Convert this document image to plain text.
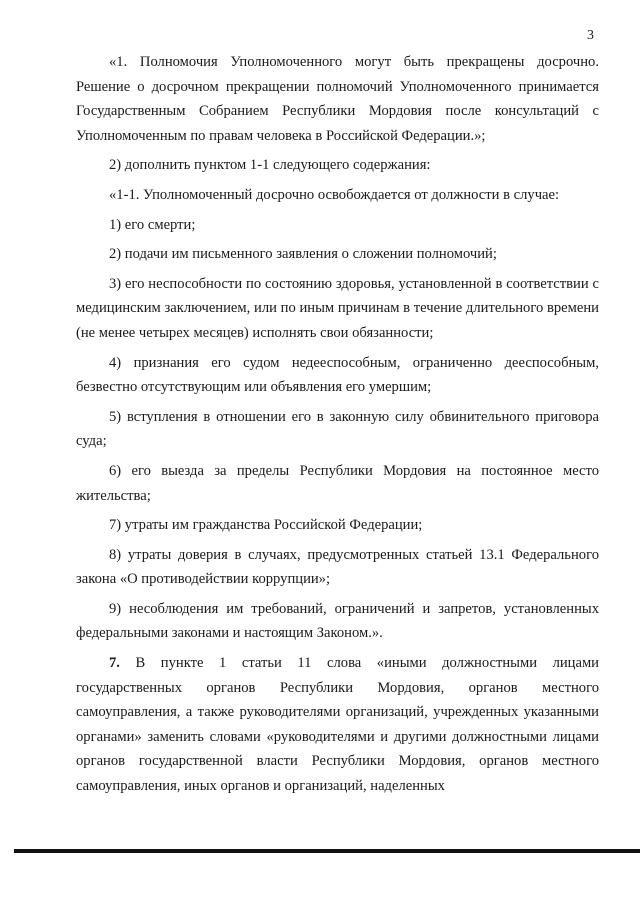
3

«1. Полномочия Уполномоченного могут быть прекращены досрочно. Решение о досрочном прекращении полномочий Уполномоченного принимается Государственным Собранием Республики Мордовия после консультаций с Уполномоченным по правам человека в Российской Федерации.»;

2) дополнить пунктом 1-1 следующего содержания:

«1-1. Уполномоченный досрочно освобождается от должности в случае:

1) его смерти;

2) подачи им письменного заявления о сложении полномочий;

3) его неспособности по состоянию здоровья, установленной в соответствии с медицинским заключением, или по иным причинам в течение длительного времени (не менее четырех месяцев) исполнять свои обязанности;

4) признания его судом недееспособным, ограниченно дееспособным, безвестно отсутствующим или объявления его умершим;

5) вступления в отношении его в законную силу обвинительного приговора суда;

6) его выезда за пределы Республики Мордовия на постоянное место жительства;

7) утраты им гражданства Российской Федерации;

8) утраты доверия в случаях, предусмотренных статьей 13.1 Федерального закона «О противодействии коррупции»;

9) несоблюдения им требований, ограничений и запретов, установленных федеральными законами и настоящим Законом.».

7. В пункте 1 статьи 11 слова «иными должностными лицами государственных органов Республики Мордовия, органов местного самоуправления, а также руководителями организаций, учрежденных указанными органами» заменить словами «руководителями и другими должностными лицами органов государственной власти Республики Мордовия, органов местного самоуправления, иных органов и организаций, наделенных
